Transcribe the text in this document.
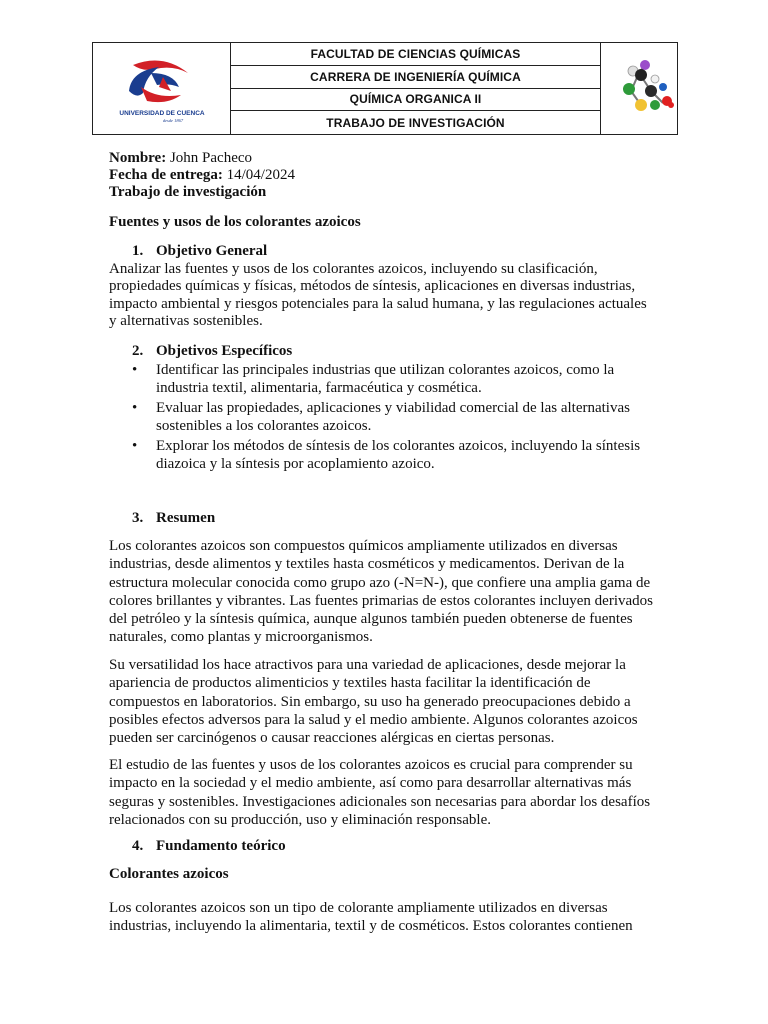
UNIVERSIDAD DE CUENCA
desde 1867
FACULTAD DE CIENCIAS QUÍMICAS
CARRERA DE INGENIERÍA QUÍMICA
QUÍMICA ORGANICA II
TRABAJO DE INVESTIGACIÓN
Nombre: John Pacheco
Fecha de entrega: 14/04/2024
Trabajo de investigación
Fuentes y usos de los colorantes azoicos
1. Objetivo General
Analizar las fuentes y usos de los colorantes azoicos, incluyendo su clasificación, propiedades químicas y físicas, métodos de síntesis, aplicaciones en diversas industrias, impacto ambiental y riesgos potenciales para la salud humana, y las regulaciones actuales y alternativas sostenibles.
2. Objetivos Específicos
• Identificar las principales industrias que utilizan colorantes azoicos, como la industria textil, alimentaria, farmacéutica y cosmética.
• Evaluar las propiedades, aplicaciones y viabilidad comercial de las alternativas sostenibles a los colorantes azoicos.
• Explorar los métodos de síntesis de los colorantes azoicos, incluyendo la síntesis diazoica y la síntesis por acoplamiento azoico.
3. Resumen
Los colorantes azoicos son compuestos químicos ampliamente utilizados en diversas industrias, desde alimentos y textiles hasta cosméticos y medicamentos. Derivan de la estructura molecular conocida como grupo azo (-N=N-), que confiere una amplia gama de colores brillantes y vibrantes. Las fuentes primarias de estos colorantes incluyen derivados del petróleo y la síntesis química, aunque algunos también pueden obtenerse de fuentes naturales, como plantas y microorganismos.
Su versatilidad los hace atractivos para una variedad de aplicaciones, desde mejorar la apariencia de productos alimenticios y textiles hasta facilitar la identificación de compuestos en laboratorios. Sin embargo, su uso ha generado preocupaciones debido a posibles efectos adversos para la salud y el medio ambiente. Algunos colorantes azoicos pueden ser carcinógenos o causar reacciones alérgicas en ciertas personas.
El estudio de las fuentes y usos de los colorantes azoicos es crucial para comprender su impacto en la sociedad y el medio ambiente, así como para desarrollar alternativas más seguras y sostenibles. Investigaciones adicionales son necesarias para abordar los desafíos relacionados con su producción, uso y eliminación responsable.
4. Fundamento teórico
Colorantes azoicos
Los colorantes azoicos son un tipo de colorante ampliamente utilizados en diversas industrias, incluyendo la alimentaria, textil y de cosméticos. Estos colorantes contienen
